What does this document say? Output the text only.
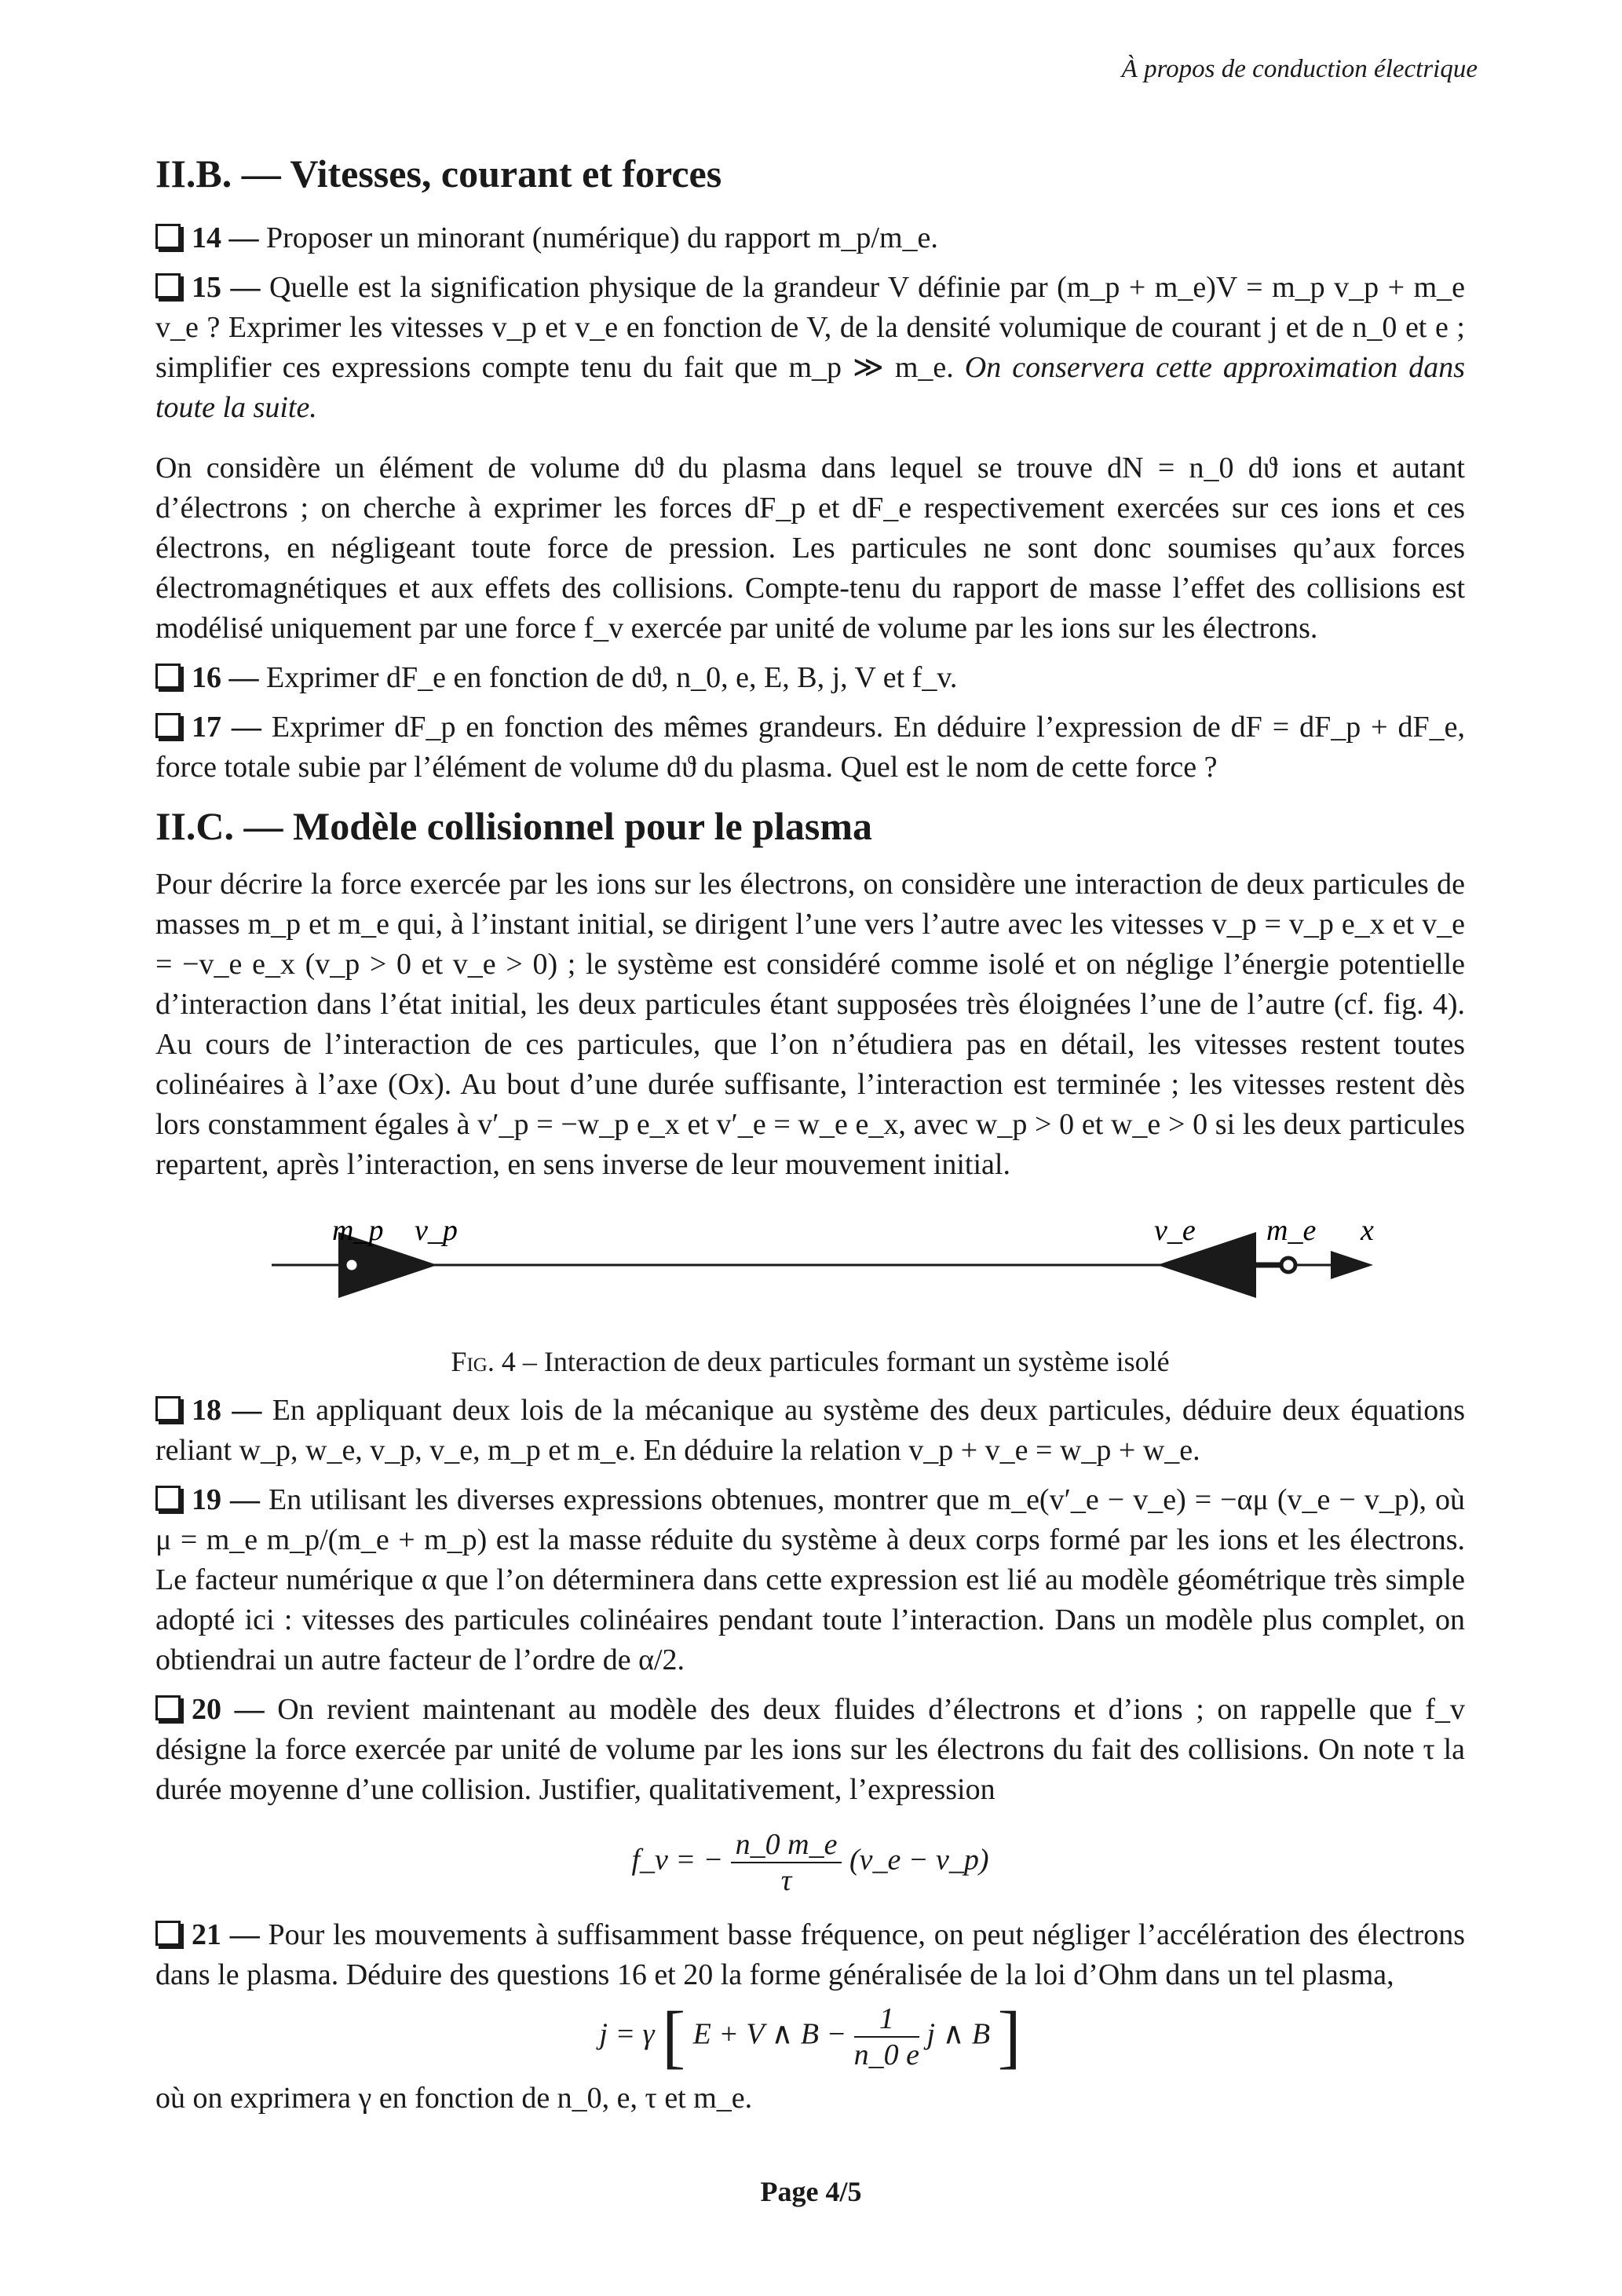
À propos de conduction électrique
II.B. — Vitesses, courant et forces

14 — Proposer un minorant (numérique) du rapport m_p/m_e.

15 — Quelle est la signification physique de la grandeur V définie par (m_p + m_e)V = m_p v_p + m_e v_e ? Exprimer les vitesses v_p et v_e en fonction de V, de la densité volumique de courant j et de n_0 et e ; simplifier ces expressions compte tenu du fait que m_p ≫ m_e. On conservera cette approximation dans toute la suite.

On considère un élément de volume dϑ du plasma dans lequel se trouve dN = n_0 dϑ ions et autant d’électrons ; on cherche à exprimer les forces dF_p et dF_e respectivement exercées sur ces ions et ces électrons, en négligeant toute force de pression. Les particules ne sont donc soumises qu’aux forces électromagnétiques et aux effets des collisions. Compte-tenu du rapport de masse l’effet des collisions est modélisé uniquement par une force f_v exercée par unité de volume par les ions sur les électrons.

16 — Exprimer dF_e en fonction de dϑ, n_0, e, E, B, j, V et f_v.

17 — Exprimer dF_p en fonction des mêmes grandeurs. En déduire l’expression de dF = dF_p + dF_e, force totale subie par l’élément de volume dϑ du plasma. Quel est le nom de cette force ?

II.C. — Modèle collisionnel pour le plasma

Pour décrire la force exercée par les ions sur les électrons, on considère une interaction de deux particules de masses m_p et m_e qui, à l’instant initial, se dirigent l’une vers l’autre avec les vitesses v_p = v_p e_x et v_e = −v_e e_x (v_p > 0 et v_e > 0) ; le système est considéré comme isolé et on néglige l’énergie potentielle d’interaction dans l’état initial, les deux particules étant supposées très éloignées l’une de l’autre (cf. fig. 4). Au cours de l’interaction de ces particules, que l’on n’étudiera pas en détail, les vitesses restent toutes colinéaires à l’axe (Ox). Au bout d’une durée suffisante, l’interaction est terminée ; les vitesses restent dès lors constamment égales à v′_p = −w_p e_x et v′_e = w_e e_x, avec w_p > 0 et w_e > 0 si les deux particules repartent, après l’interaction, en sens inverse de leur mouvement initial.

m_p v_p	v_e m_e x
Fig. 4 – Interaction de deux particules formant un système isolé

18 — En appliquant deux lois de la mécanique au système des deux particules, déduire deux équations reliant w_p, w_e, v_p, v_e, m_p et m_e. En déduire la relation v_p + v_e = w_p + w_e.

19 — En utilisant les diverses expressions obtenues, montrer que m_e(v′_e − v_e) = −αμ (v_e − v_p), où μ = m_e m_p/(m_e + m_p) est la masse réduite du système à deux corps formé par les ions et les électrons. Le facteur numérique α que l’on déterminera dans cette expression est lié au modèle géométrique très simple adopté ici : vitesses des particules colinéaires pendant toute l’interaction. Dans un modèle plus complet, on obtiendrai un autre facteur de l’ordre de α/2.

20 — On revient maintenant au modèle des deux fluides d’électrons et d’ions ; on rappelle que f_v désigne la force exercée par unité de volume par les ions sur les électrons du fait des collisions. On note τ la durée moyenne d’une collision. Justifier, qualitativement, l’expression

f_v = − $\frac{n\_0 m\_e}{\tau}$ (v_e − v_p)

21 — Pour les mouvements à suffisamment basse fréquence, on peut négliger l’accélération des électrons dans le plasma. Déduire des questions 16 et 20 la forme généralisée de la loi d’Ohm dans un tel plasma,

j = γ [ E + V ∧ $B - \frac{1}{n\_0 e}$ j ∧ B ]

où on exprimera γ en fonction de n_0, e, τ et m_e.

Page 4/5
